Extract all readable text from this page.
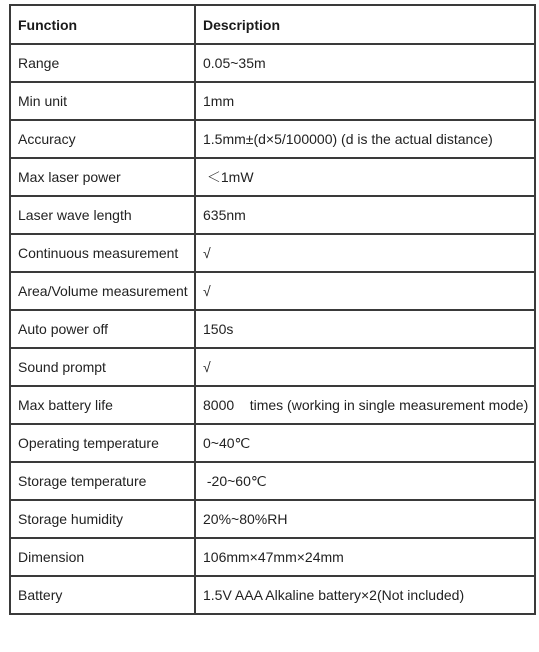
Function	Description
Range	0.05~35m
Min unit	1mm
Accuracy	1.5mm±(d×5/100000) (d is the actual distance)
Max laser power	＜1mW
Laser wave length	635nm
Continuous measurement	√
Area/Volume measurement	√
Auto power off	150s
Sound prompt	√
Max battery life	8000    times (working in single measurement mode)
Operating temperature	0~40℃
Storage temperature	-20~60℃
Storage humidity	20%~80%RH
Dimension	106mm×47mm×24mm
Battery	1.5V AAA Alkaline battery×2(Not included)
